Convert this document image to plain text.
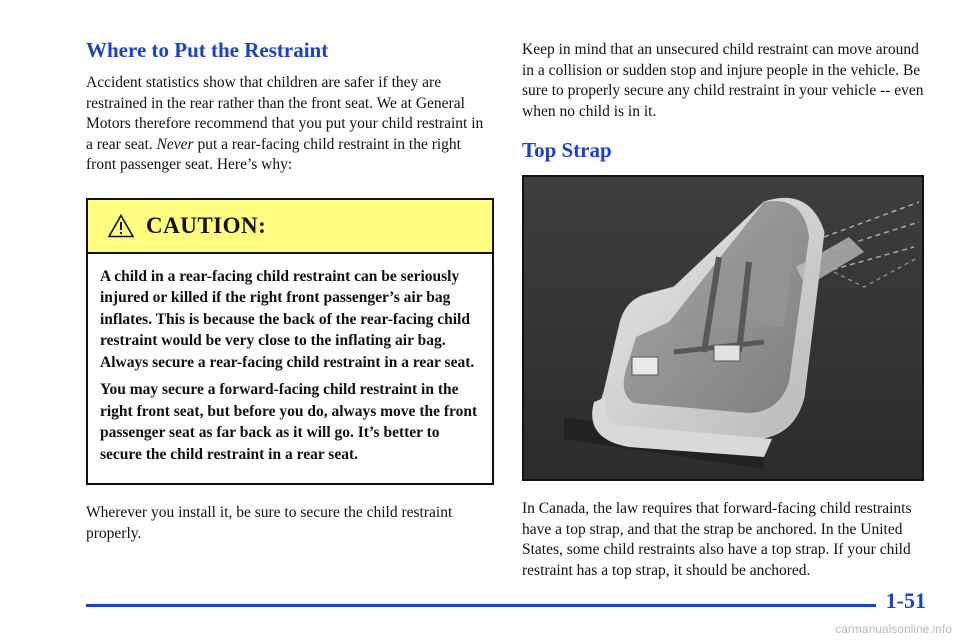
Where to Put the Restraint

Accident statistics show that children are safer if they are restrained in the rear rather than the front seat. We at General Motors therefore recommend that you put your child restraint in a rear seat. Never put a rear-facing child restraint in the right front passenger seat. Here’s why:

CAUTION:

A child in a rear-facing child restraint can be seriously injured or killed if the right front passenger’s air bag inflates. This is because the back of the rear-facing child restraint would be very close to the inflating air bag. Always secure a rear-facing child restraint in a rear seat.

You may secure a forward-facing child restraint in the right front seat, but before you do, always move the front passenger seat as far back as it will go. It’s better to secure the child restraint in a rear seat.

Wherever you install it, be sure to secure the child restraint properly.

Keep in mind that an unsecured child restraint can move around in a collision or sudden stop and injure people in the vehicle. Be sure to properly secure any child restraint in your vehicle -- even when no child is in it.

Top Strap

In Canada, the law requires that forward-facing child restraints have a top strap, and that the strap be anchored. In the United States, some child restraints also have a top strap. If your child restraint has a top strap, it should be anchored.

1-51
carmanualsonline.info
